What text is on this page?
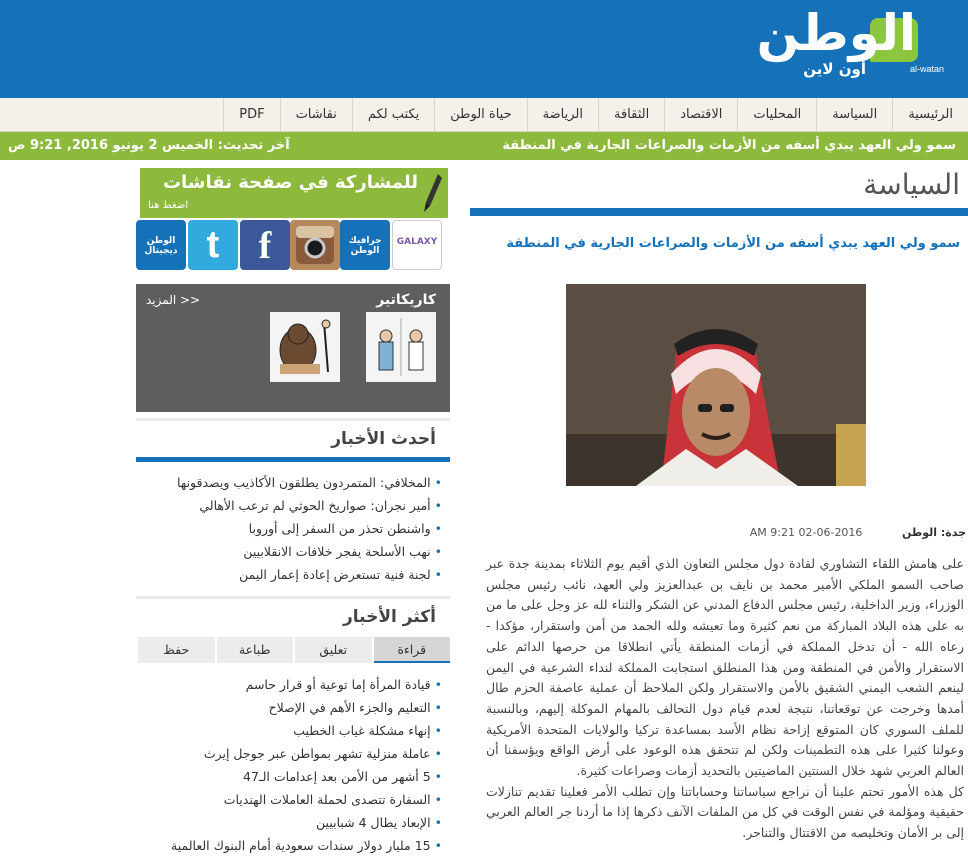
الوطن
أون لاين	al-watan
الرئيسية
السياسة
المحليات
الاقتصاد
الثقافة
الرياضة
حياة الوطن
يكتب لكم
نقاشات
PDF
سمو ولي العهد يبدي أسفه من الأزمات والصراعات الجارية في المنطقة
آخر تحديث: الخميس 2 يونيو 2016, 9:21 ص
السياسة
سمو ولي العهد يبدي أسفه من الأزمات والصراعات الجارية في المنطقة
جدة: الوطن 2016-06-02 9:21 AM

على هامش اللقاء التشاوري لقادة دول مجلس التعاون الذي أقيم يوم الثلاثاء بمدينة جدة عبر صاحب السمو الملكي الأمير محمد بن نايف بن عبدالعزيز ولي العهد، نائب رئيس مجلس الوزراء، وزير الداخلية، رئيس مجلس الدفاع المدني عن الشكر والثناء لله عز وجل على ما من به على هذه البلاد المباركة من نعم كثيرة وما تعيشه ولله الحمد من أمن واستقرار، مؤكدا - رعاه الله - أن تدخل المملكة في أزمات المنطقة يأتي انطلاقا من حرصها الدائم على الاستقرار والأمن في المنطقة ومن هذا المنطلق استجابت المملكة لنداء الشرعية في اليمن لينعم الشعب اليمني الشقيق بالأمن والاستقرار ولكن الملاحظ أن عملية عاصفة الحزم طال أمدها وخرجت عن توقعاتنا، نتيجة لعدم قيام دول التحالف بالمهام الموكلة إليهم، وبالنسبة للملف السوري كان المتوقع إزاحة نظام الأسد بمساعدة تركيا والولايات المتحدة الأمريكية وعولنا كثيرا على هذه التطمينات ولكن لم تتحقق هذه الوعود على أرض الواقع ويؤسفنا أن العالم العربي شهد خلال السنتين الماضيتين بالتحديد أزمات وصراعات كثيرة.

كل هذه الأمور تحتم علينا أن نراجع سياساتنا وحساباتنا وإن تطلب الأمر فعلينا تقديم تنازلات حقيقية ومؤلمة في نفس الوقت في كل من الملفات الآنف ذكرها إذا ما أردنا جر العالم العربي إلى بر الأمان وتخليصه من الاقتتال والتناحر.

للمشاركة في صفحة نقاشات
اضغط هنا
GALAXY
جرافيك الوطن
f
t
الوطن ديجيتال
كاريكاتير
المزيد >>
أحدث الأخبار
• المخلافي: المتمردون يطلقون الأكاذيب ويصدقونها
• أمير نجران: صواريخ الحوثي لم ترعب الأهالي
• واشنطن تحذر من السفر إلى أوروبا
• نهب الأسلحة يفجر خلافات الانقلابيين
• لجنة فنية تستعرض إعادة إعمار اليمن
أكثر الأخبار
قراءة
تعليق
طباعة
حفظ
• قيادة المرأة إما توعية أو قرار حاسم
• التعليم والجزء الأهم في الإصلاح
• إنهاء مشكلة غياب الخطيب
• عاملة منزلية تشهر بمواطن عبر جوجل إيرث
• 5 أشهر من الأمن بعد إعدامات الـ47
• السفارة تتصدى لحملة العاملات الهنديات
• الإبعاد يطال 4 شبابيين
• 15 مليار دولار سندات سعودية أمام البنوك العالمية
